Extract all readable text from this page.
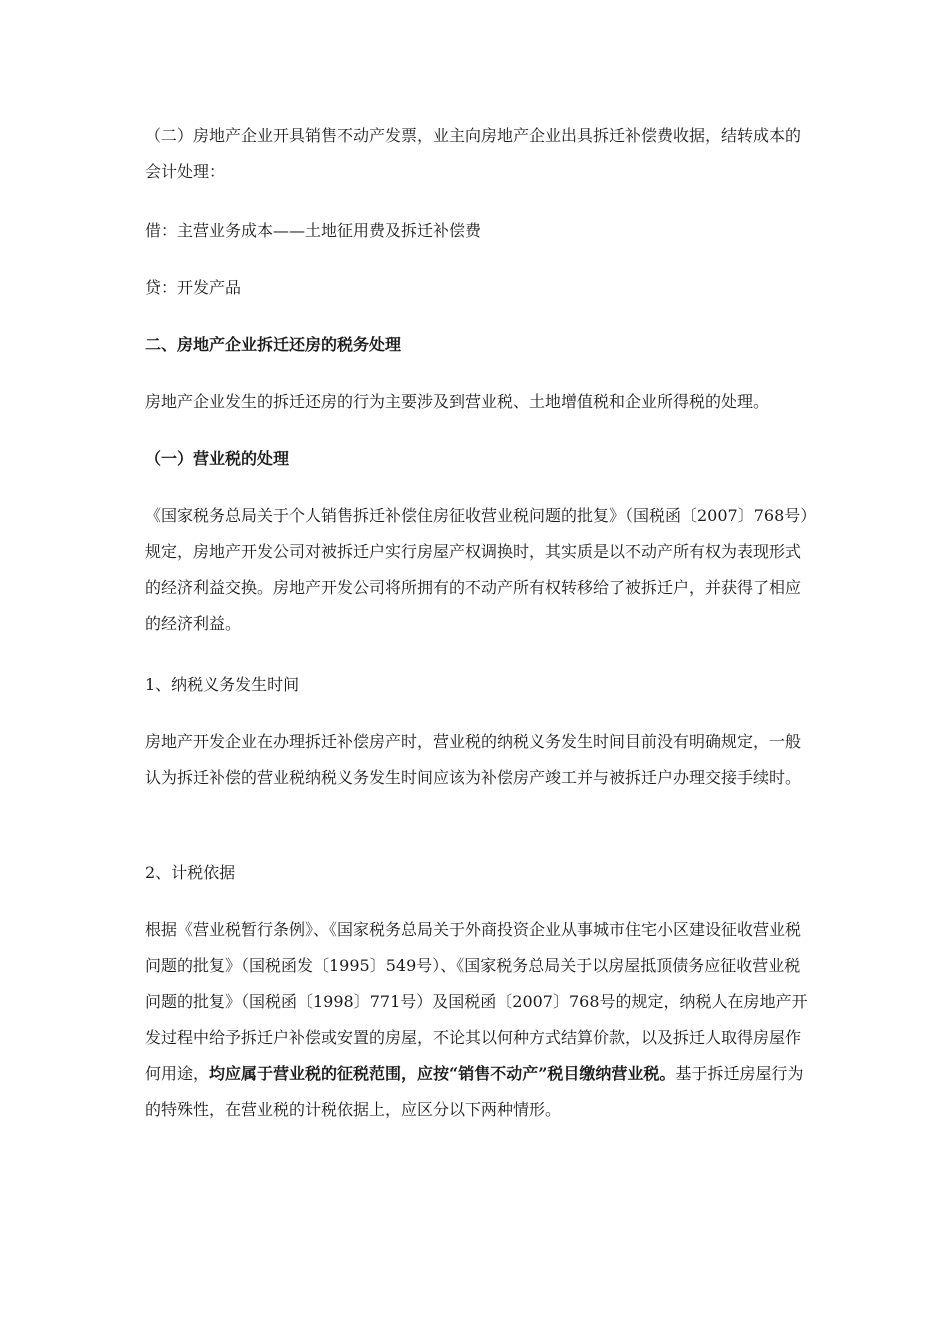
（二）房地产企业开具销售不动产发票，业主向房地产企业出具拆迁补偿费收据，结转成本的会计处理：

借：主营业务成本——土地征用费及拆迁补偿费

贷：开发产品

二、房地产企业拆迁还房的税务处理

房地产企业发生的拆迁还房的行为主要涉及到营业税、土地增值税和企业所得税的处理。

（一）营业税的处理

《国家税务总局关于个人销售拆迁补偿住房征收营业税问题的批复》（国税函〔2007〕768号）规定，房地产开发公司对被拆迁户实行房屋产权调换时，其实质是以不动产所有权为表现形式的经济利益交换。房地产开发公司将所拥有的不动产所有权转移给了被拆迁户，并获得了相应的经济利益。

1、纳税义务发生时间

房地产开发企业在办理拆迁补偿房产时，营业税的纳税义务发生时间目前没有明确规定，一般认为拆迁补偿的营业税纳税义务发生时间应该为补偿房产竣工并与被拆迁户办理交接手续时。

2、计税依据

根据《营业税暂行条例》、《国家税务总局关于外商投资企业从事城市住宅小区建设征收营业税问题的批复》（国税函发〔1995〕549号）、《国家税务总局关于以房屋抵顶债务应征收营业税问题的批复》（国税函〔1998〕771号）及国税函〔2007〕768号的规定，纳税人在房地产开发过程中给予拆迁户补偿或安置的房屋，不论其以何种方式结算价款，以及拆迁人取得房屋作何用途，均应属于营业税的征税范围，应按“销售不动产”税目缴纳营业税。基于拆迁房屋行为的特殊性，在营业税的计税依据上，应区分以下两种情形。
